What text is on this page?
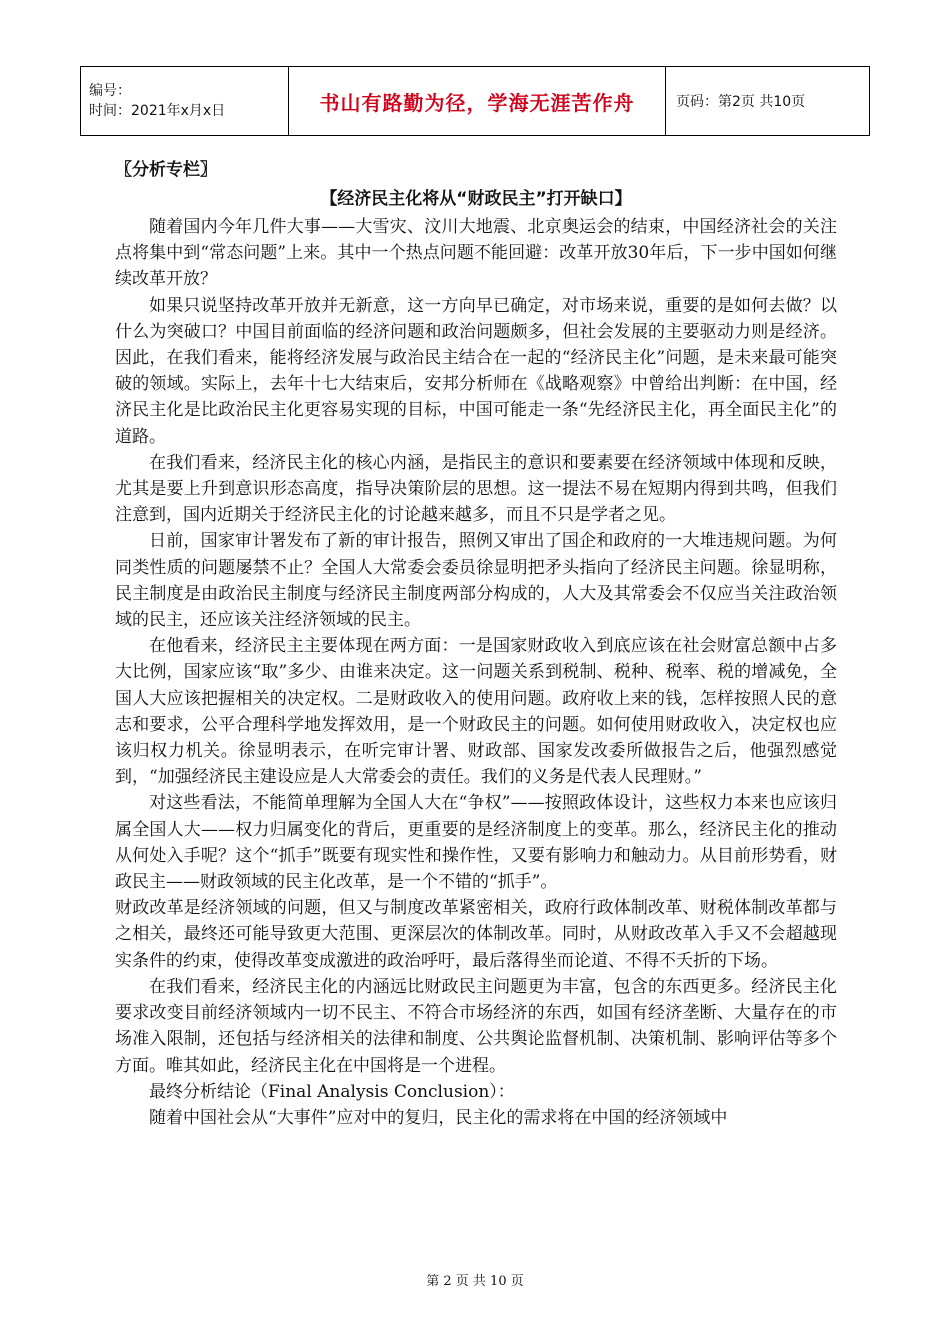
编号：
时间：2021年x月x日	书山有路勤为径，学海无涯苦作舟	页码：第2页 共10页
〖分析专栏〗
【经济民主化将从“财政民主”打开缺口】

随着国内今年几件大事——大雪灾、汶川大地震、北京奥运会的结束，中国经济社会的关注点将集中到“常态问题”上来。其中一个热点问题不能回避：改革开放30年后，下一步中国如何继续改革开放？

如果只说坚持改革开放并无新意，这一方向早已确定，对市场来说，重要的是如何去做？以什么为突破口？中国目前面临的经济问题和政治问题颇多，但社会发展的主要驱动力则是经济。因此，在我们看来，能将经济发展与政治民主结合在一起的“经济民主化”问题，是未来最可能突破的领域。实际上，去年十七大结束后，安邦分析师在《战略观察》中曾给出判断：在中国，经济民主化是比政治民主化更容易实现的目标，中国可能走一条“先经济民主化，再全面民主化”的道路。

在我们看来，经济民主化的核心内涵，是指民主的意识和要素要在经济领域中体现和反映，尤其是要上升到意识形态高度，指导决策阶层的思想。这一提法不易在短期内得到共鸣，但我们注意到，国内近期关于经济民主化的讨论越来越多，而且不只是学者之见。

日前，国家审计署发布了新的审计报告，照例又审出了国企和政府的一大堆违规问题。为何同类性质的问题屡禁不止？全国人大常委会委员徐显明把矛头指向了经济民主问题。徐显明称，民主制度是由政治民主制度与经济民主制度两部分构成的，人大及其常委会不仅应当关注政治领域的民主，还应该关注经济领域的民主。

在他看来，经济民主主要体现在两方面：一是国家财政收入到底应该在社会财富总额中占多大比例，国家应该“取”多少、由谁来决定。这一问题关系到税制、税种、税率、税的增减免，全国人大应该把握相关的决定权。二是财政收入的使用问题。政府收上来的钱，怎样按照人民的意志和要求，公平合理科学地发挥效用，是一个财政民主的问题。如何使用财政收入，决定权也应该归权力机关。徐显明表示，在听完审计署、财政部、国家发改委所做报告之后，他强烈感觉到，“加强经济民主建设应是人大常委会的责任。我们的义务是代表人民理财。”

对这些看法，不能简单理解为全国人大在“争权”——按照政体设计，这些权力本来也应该归属全国人大——权力归属变化的背后，更重要的是经济制度上的变革。那么，经济民主化的推动从何处入手呢？这个“抓手”既要有现实性和操作性，又要有影响力和触动力。从目前形势看，财政民主——财政领域的民主化改革，是一个不错的“抓手”。

财政改革是经济领域的问题，但又与制度改革紧密相关，政府行政体制改革、财税体制改革都与之相关，最终还可能导致更大范围、更深层次的体制改革。同时，从财政改革入手又不会超越现实条件的约束，使得改革变成激进的政治呼吁，最后落得坐而论道、不得不夭折的下场。

在我们看来，经济民主化的内涵远比财政民主问题更为丰富，包含的东西更多。经济民主化要求改变目前经济领域内一切不民主、不符合市场经济的东西，如国有经济垄断、大量存在的市场准入限制，还包括与经济相关的法律和制度、公共舆论监督机制、决策机制、影响评估等多个方面。唯其如此，经济民主化在中国将是一个进程。

最终分析结论（Final Analysis Conclusion）：

随着中国社会从“大事件”应对中的复归，民主化的需求将在中国的经济领域中

第 2 页 共 10 页
